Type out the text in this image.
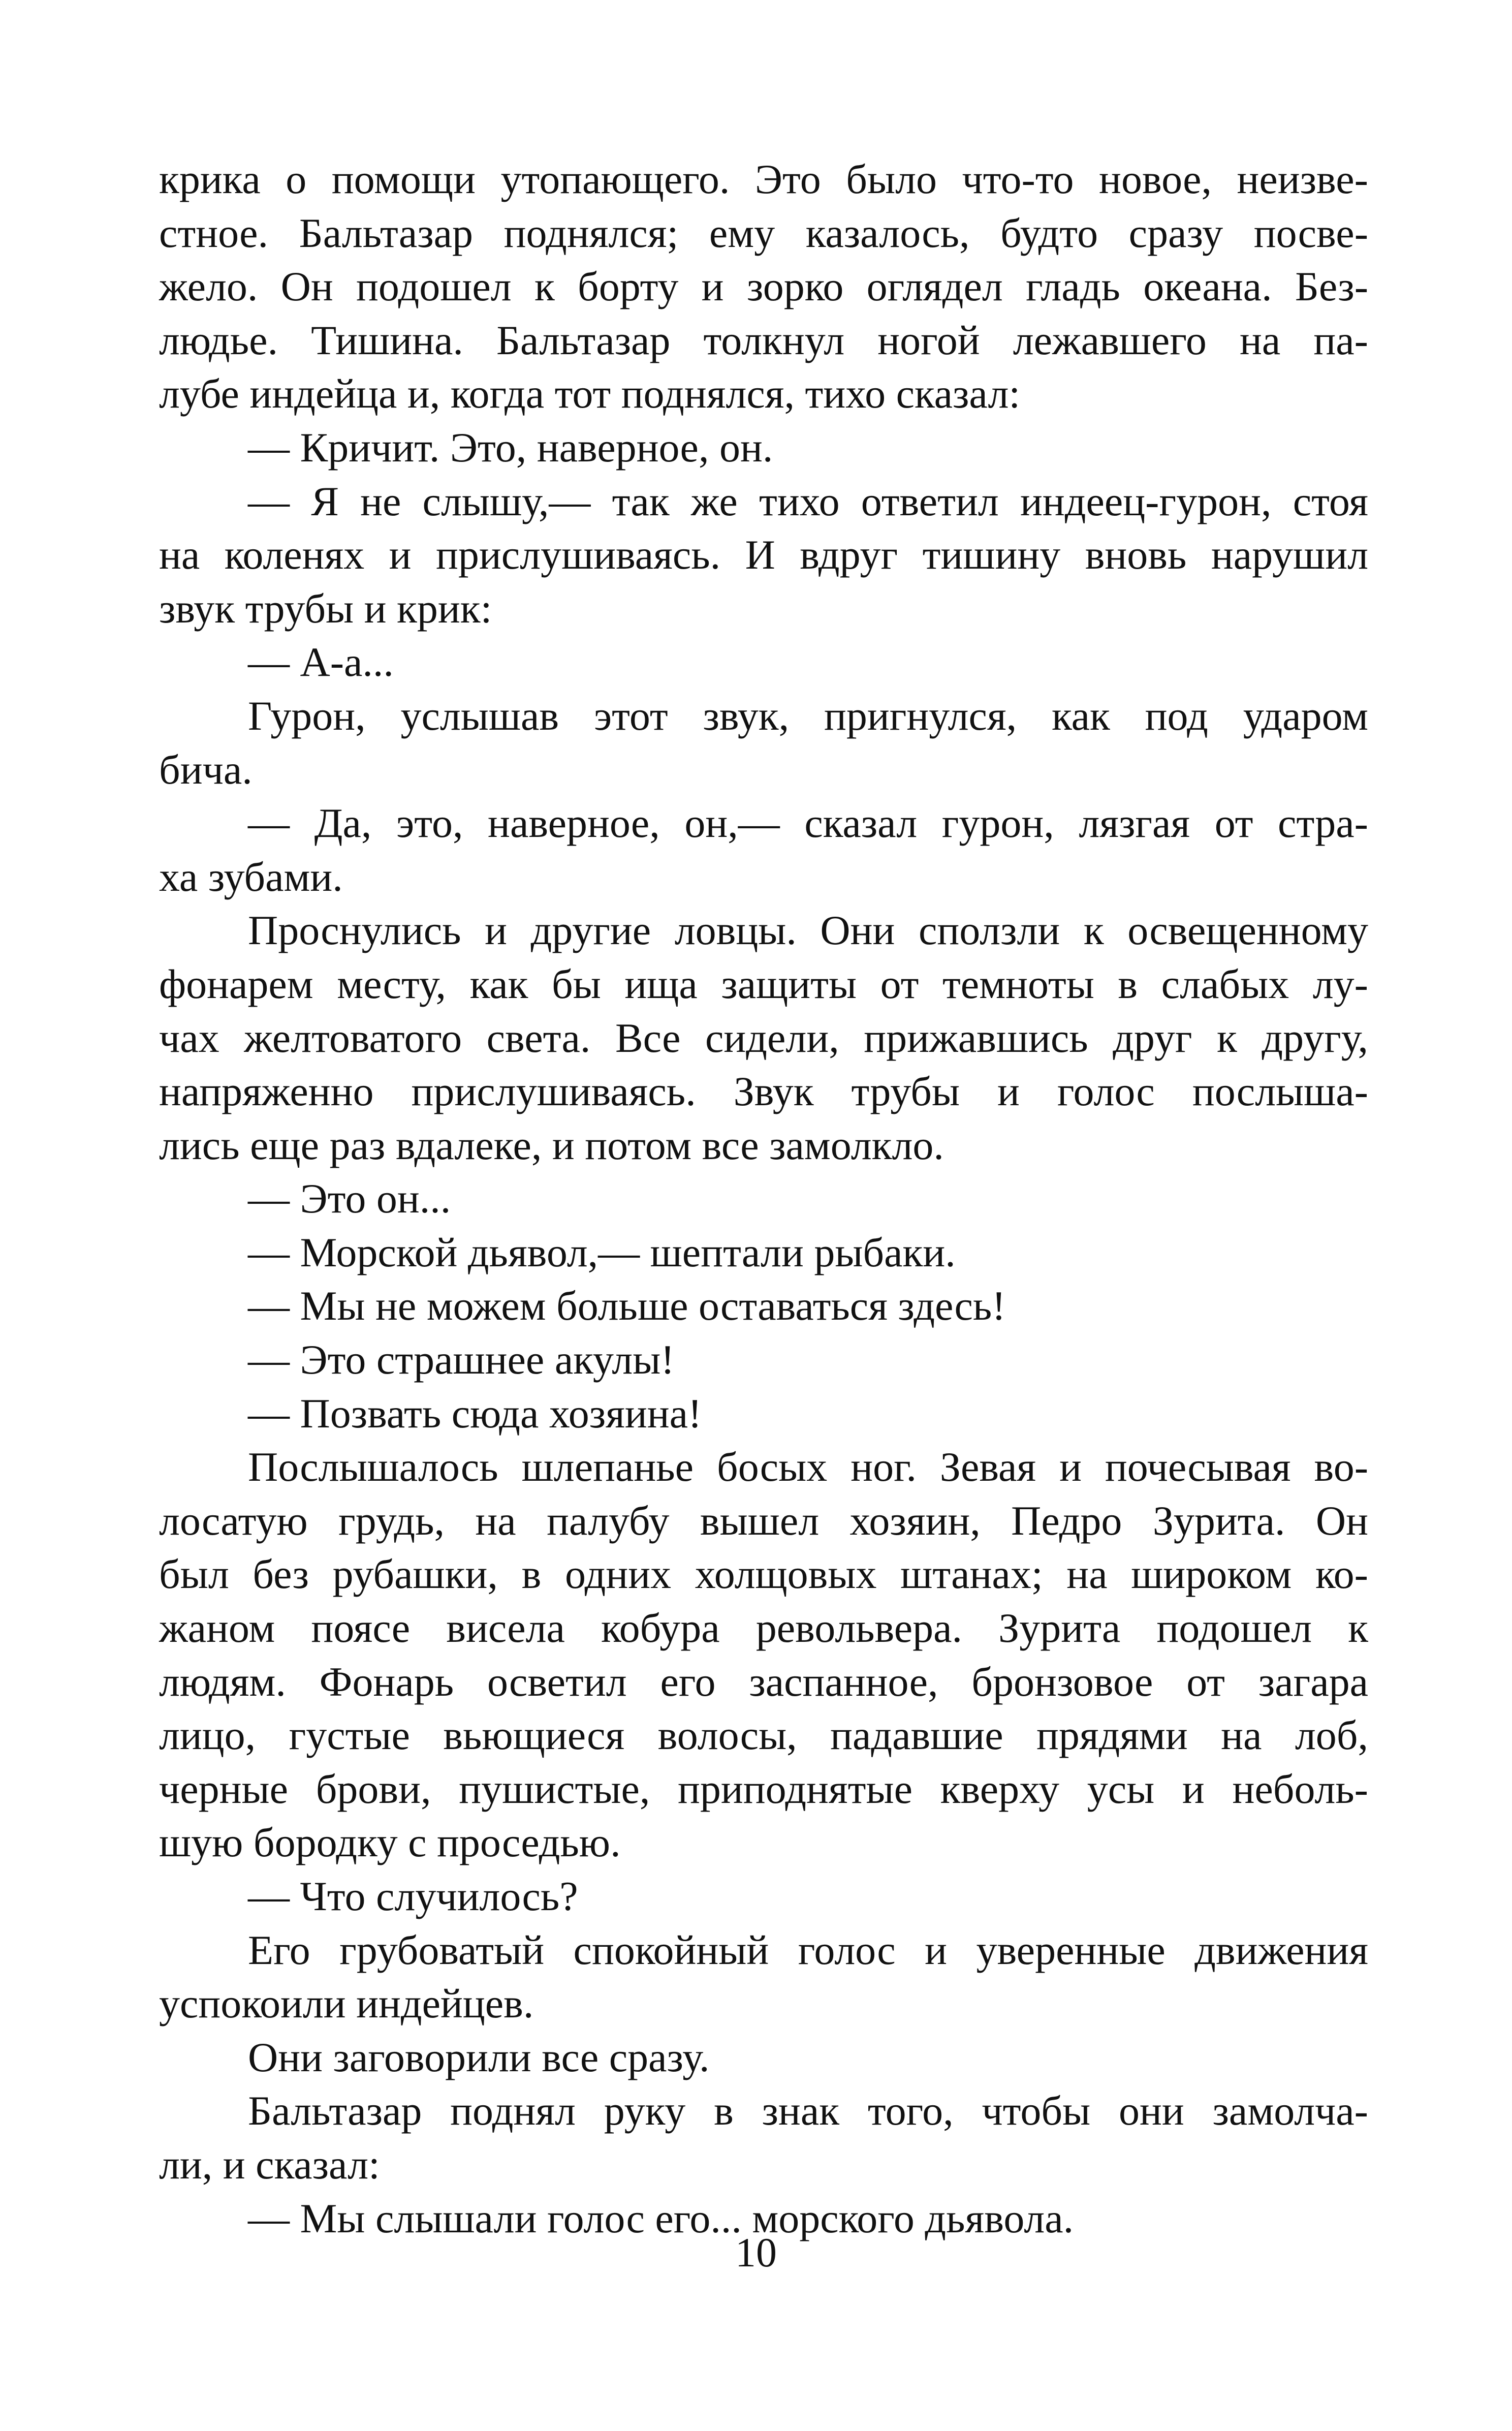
крика о помощи утопающего. Это было что-то новое, неизве-
стное. Бальтазар поднялся; ему казалось, будто сразу посве-
жело. Он подошел к борту и зорко оглядел гладь океана. Без-
людье. Тишина. Бальтазар толкнул ногой лежавшего на па-
лубе индейца и, когда тот поднялся, тихо сказал:
— Кричит. Это, наверное, он.
— Я не слышу,— так же тихо ответил индеец-гурон, стоя
на коленях и прислушиваясь. И вдруг тишину вновь нарушил
звук трубы и крик:
— А-а...
Гурон, услышав этот звук, пригнулся, как под ударом
бича.
— Да, это, наверное, он,— сказал гурон, лязгая от стра-
ха зубами.
Проснулись и другие ловцы. Они сползли к освещенному
фонарем месту, как бы ища защиты от темноты в слабых лу-
чах желтоватого света. Все сидели, прижавшись друг к другу,
напряженно прислушиваясь. Звук трубы и голос послыша-
лись еще раз вдалеке, и потом все замолкло.
— Это он...
— Морской дьявол,— шептали рыбаки.
— Мы не можем больше оставаться здесь!
— Это страшнее акулы!
— Позвать сюда хозяина!
Послышалось шлепанье босых ног. Зевая и почесывая во-
лосатую грудь, на палубу вышел хозяин, Педро Зурита. Он
был без рубашки, в одних холщовых штанах; на широком ко-
жаном поясе висела кобура револьвера. Зурита подошел к
людям. Фонарь осветил его заспанное, бронзовое от загара
лицо, густые вьющиеся волосы, падавшие прядями на лоб,
черные брови, пушистые, приподнятые кверху усы и неболь-
шую бородку с проседью.
— Что случилось?
Его грубоватый спокойный голос и уверенные движения
успокоили индейцев.
Они заговорили все сразу.
Бальтазар поднял руку в знак того, чтобы они замолча-
ли, и сказал:
— Мы слышали голос его... морского дьявола.
10
